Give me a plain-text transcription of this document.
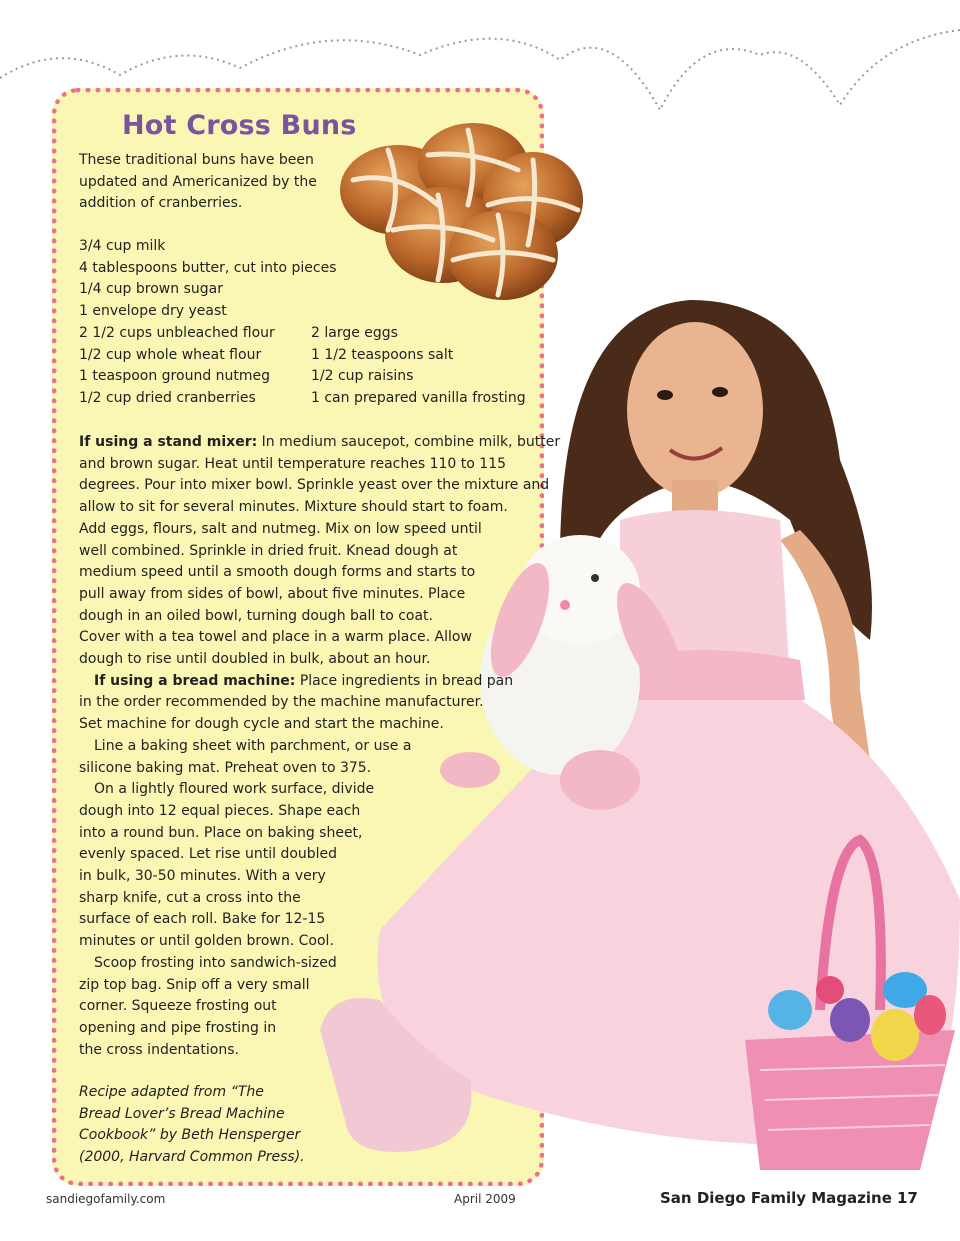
Hot Cross Buns

These traditional buns have been updated and Americanized by the addition of cranberries.

3/4 cup milk
4 tablespoons butter, cut into pieces
1/4 cup brown sugar
1 envelope dry yeast
2 1/2 cups unbleached flour
1/2 cup whole wheat flour
1 teaspoon ground nutmeg
1/2 cup dried cranberries
2 large eggs
1 1/2 teaspoons salt
1/2 cup raisins
1 can prepared vanilla frosting
If using a stand mixer: In medium saucepot, combine milk, butter
and brown sugar. Heat until temperature reaches 110 to 115
degrees. Pour into mixer bowl. Sprinkle yeast over the mixture and
allow to sit for several minutes. Mixture should start to foam.
Add eggs, flours, salt and nutmeg. Mix on low speed until
well combined. Sprinkle in dried fruit. Knead dough at
medium speed until a smooth dough forms and starts to
pull away from sides of bowl, about five minutes. Place
dough in an oiled bowl, turning dough ball to coat.
Cover with a tea towel and place in a warm place. Allow
dough to rise until doubled in bulk, about an hour.
If using a bread machine: Place ingredients in bread pan
in the order recommended by the machine manufacturer.
Set machine for dough cycle and start the machine.
Line a baking sheet with parchment, or use a
silicone baking mat. Preheat oven to 375.
On a lightly floured work surface, divide
dough into 12 equal pieces. Shape each
into a round bun. Place on baking sheet,
evenly spaced. Let rise until doubled
in bulk, 30-50 minutes. With a very
sharp knife, cut a cross into the
surface of each roll. Bake for 12-15
minutes or until golden brown. Cool.
Scoop frosting into sandwich-sized
zip top bag. Snip off a very small
corner. Squeeze frosting out
opening and pipe frosting in
the cross indentations.
Recipe adapted from “The
Bread Lover’s Bread Machine
Cookbook” by Beth Hensperger
(2000, Harvard Common Press).
sandiegofamily.com	April 2009	San Diego Family Magazine 17
